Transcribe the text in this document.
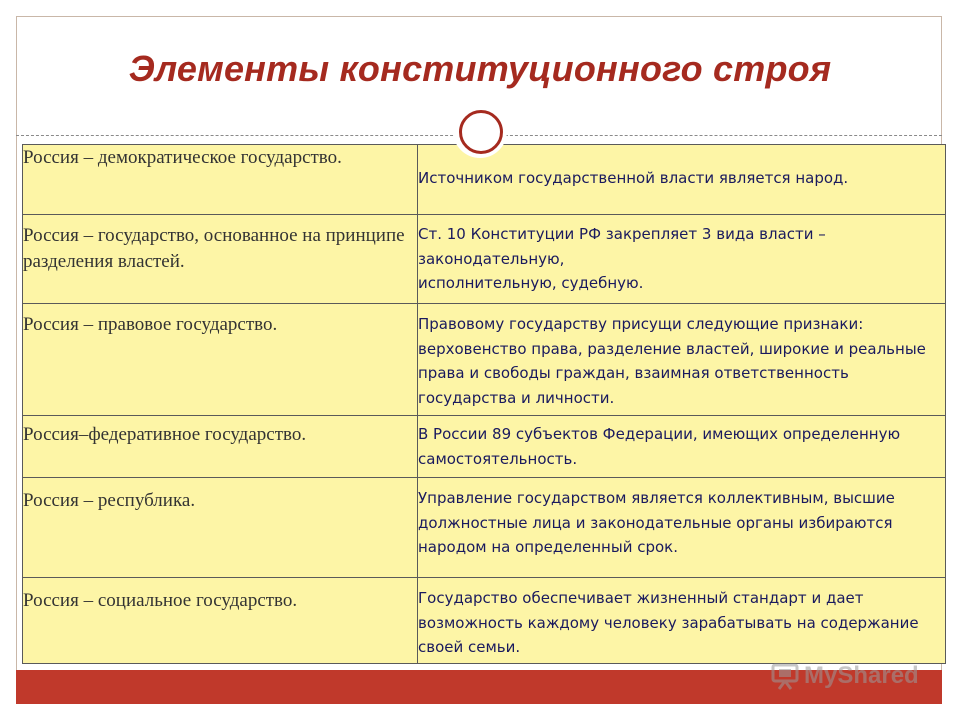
Элементы конституционного строя
Россия – демократическое государство.	Источником государственной власти является народ.

Россия – государство, основанное на принципе разделения властей.	Ст. 10 Конституции РФ закрепляет 3 вида власти – законодательную,
исполнительную, судебную.

Россия – правовое государство.	Правовому государству присущи следующие признаки: верховенство права, разделение властей, широкие и реальные права и свободы граждан, взаимная ответственность государства и личности.

Россия–федеративное государство.	В России 89 субъектов Федерации, имеющих определенную самостоятельность.

Россия – республика.	Управление государством является коллективным, высшие должностные лица и законодательные органы избираются народом на определенный срок.

Россия – социальное государство.	Государство обеспечивает жизненный стандарт и дает возможность каждому человеку зарабатывать на содержание своей семьи.
MyShared
